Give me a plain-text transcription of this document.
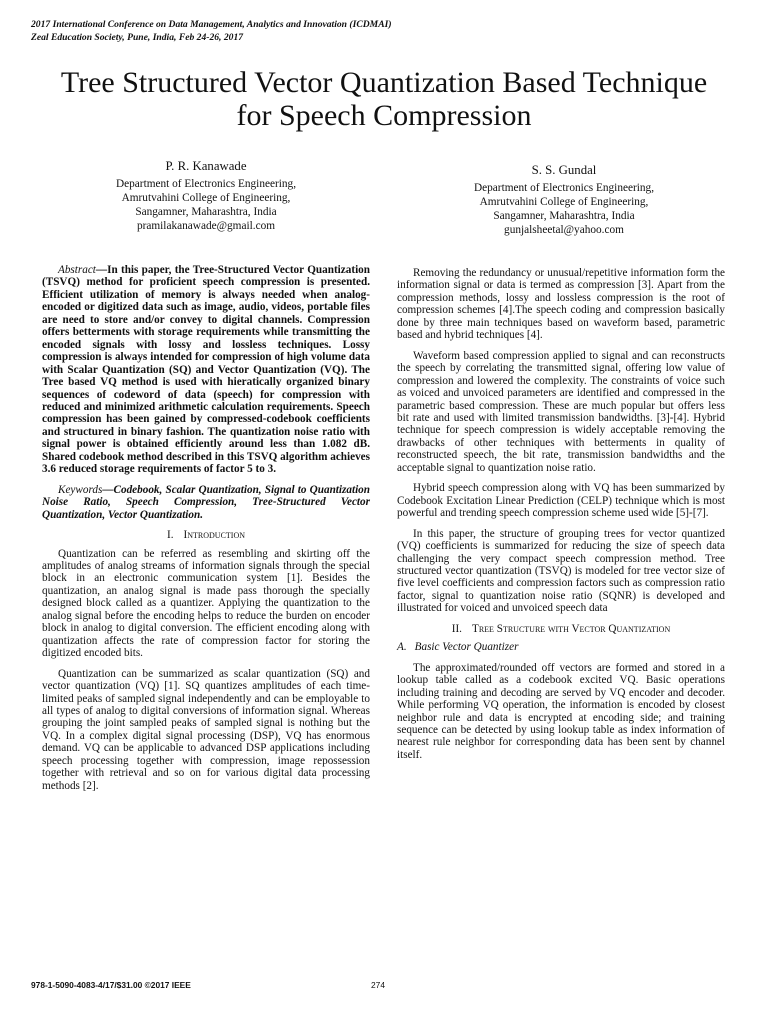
2017 International Conference on Data Management, Analytics and Innovation (ICDMAI)
Zeal Education Society, Pune, India, Feb 24-26, 2017
Tree Structured Vector Quantization Based Technique for Speech Compression
P. R. Kanawade
Department of Electronics Engineering,
Amrutvahini College of Engineering,
Sangamner, Maharashtra, India
pramilakanawade@gmail.com
S. S. Gundal
Department of Electronics Engineering,
Amrutvahini College of Engineering,
Sangamner, Maharashtra, India
gunjalsheetal@yahoo.com

Abstract—In this paper, the Tree-Structured Vector Quantization (TSVQ) method for proficient speech compression is presented. Efficient utilization of memory is always needed when analog-encoded or digitized data such as image, audio, videos, portable files are need to store and/or convey to digital channels. Compression offers betterments with storage requirements while transmitting the encoded signals with lossy and lossless techniques. Lossy compression is always intended for compression of high volume data with Scalar Quantization (SQ) and Vector Quantization (VQ). The Tree based VQ method is used with hieratically organized binary sequences of codeword of data (speech) for compression with reduced and minimized arithmetic calculation requirements. Speech compression has been gained by compressed-codebook coefficients and structured in binary fashion. The quantization noise ratio with signal power is obtained efficiently around less than 1.082 dB. Shared codebook method described in this TSVQ algorithm achieves 3.6 reduced storage requirements of factor 5 to 3.

Keywords—Codebook, Scalar Quantization, Signal to Quantization Noise Ratio, Speech Compression, Tree-Structured Vector Quantization, Vector Quantization.

I. Introduction

Quantization can be referred as resembling and skirting off the amplitudes of analog streams of information signals through the special block in an electronic communication system [1]. Besides the quantization, an analog signal is made pass thorough the specially designed block called as a quantizer. Applying the quantization to the analog signal before the encoding helps to reduce the burden on encoder block in analog to digital conversion. The efficient encoding along with quantization affects the rate of compression factor for storing the digitized encoded bits.

Quantization can be summarized as scalar quantization (SQ) and vector quantization (VQ) [1]. SQ quantizes amplitudes of each time-limited peaks of sampled signal independently and can be employable to all types of analog to digital conversions of information signal. Whereas grouping the joint sampled peaks of sampled signal is nothing but the VQ. In a complex digital signal processing (DSP), VQ has enormous demand. VQ can be applicable to advanced DSP applications including speech processing together with compression, image repossession together with retrieval and so on for various digital data processing methods [2].

Removing the redundancy or unusual/repetitive information form the information signal or data is termed as compression [3]. Apart from the compression methods, lossy and lossless compression is the root of compression schemes [4].The speech coding and compression basically done by three main techniques based on waveform based, parametric based and hybrid techniques [4].

Waveform based compression applied to signal and can reconstructs the speech by correlating the transmitted signal, offering low value of compression and lowered the complexity. The constraints of voice such as voiced and unvoiced parameters are identified and compressed in the parametric based compression. These are much popular but offers less bit rate and used with limited transmission bandwidths. [3]-[4]. Hybrid technique for speech compression is widely acceptable removing the drawbacks of other techniques with betterments in quality of reconstructed speech, the bit rate, transmission bandwidths and the acceptable signal to quantization noise ratio.

Hybrid speech compression along with VQ has been summarized by Codebook Excitation Linear Prediction (CELP) technique which is most powerful and trending speech compression scheme used wide [5]-[7].

In this paper, the structure of grouping trees for vector quantized (VQ) coefficients is summarized for reducing the size of speech data challenging the very compact speech compression method. Tree structured vector quantization (TSVQ) is modeled for tree vector size of five level coefficients and compression factors such as compression ratio factor, signal to quantization noise ratio (SQNR) is developed and illustrated for voiced and unvoiced speech data

II. Tree Structure with Vector Quantization

A. Basic Vector Quantizer

The approximated/rounded off vectors are formed and stored in a lookup table called as a codebook excited VQ. Basic operations including training and decoding are served by VQ encoder and decoder. While performing VQ operation, the information is encoded by closest neighbor rule and data is encrypted at encoding side; and training sequence can be detected by using lookup table as index information of nearest rule neighbor for corresponding data has been sent by channel itself.

978-1-5090-4083-4/17/$31.00 ©2017 IEEE	274
